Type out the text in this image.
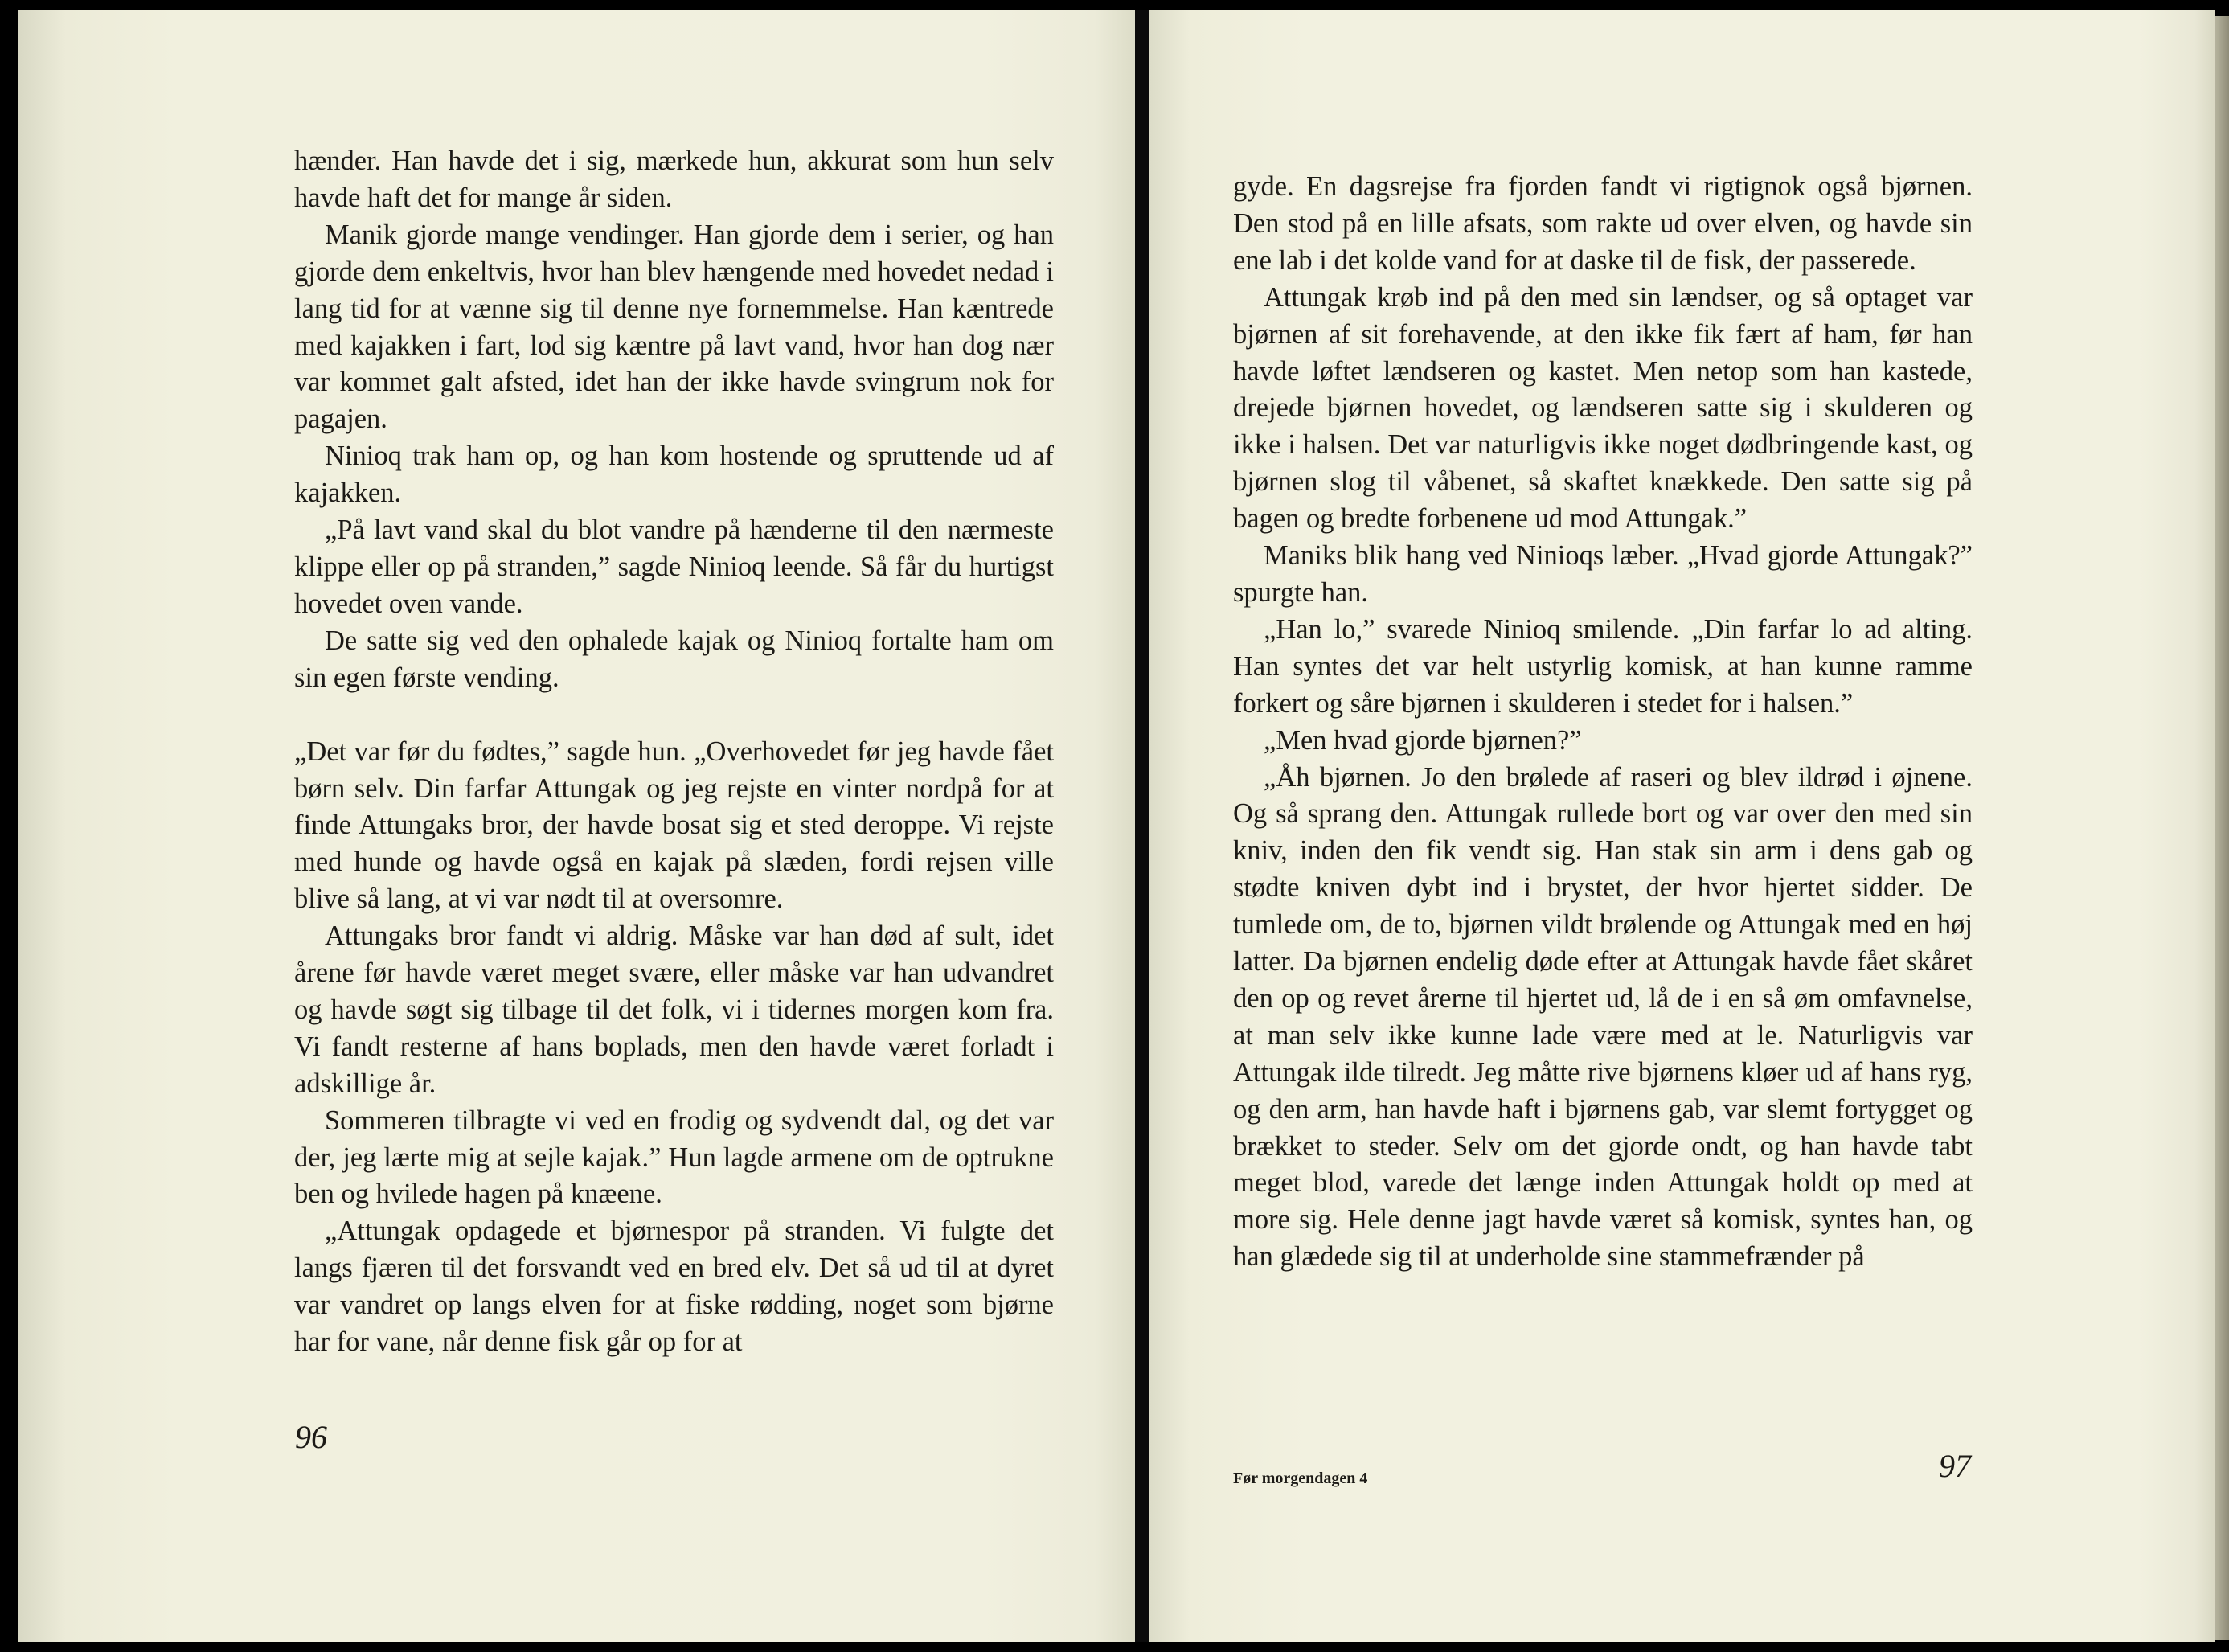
hænder. Han havde det i sig, mærkede hun, akkurat som hun selv havde haft det for mange år siden.

Manik gjorde mange vendinger. Han gjorde dem i serier, og han gjorde dem enkeltvis, hvor han blev hængende med hovedet nedad i lang tid for at vænne sig til denne nye fornemmelse. Han kæntrede med kajakken i fart, lod sig kæntre på lavt vand, hvor han dog nær var kommet galt afsted, idet han der ikke havde svingrum nok for pagajen.

Ninioq trak ham op, og han kom hostende og spruttende ud af kajakken.

„På lavt vand skal du blot vandre på hænderne til den nærmeste klippe eller op på stranden,” sagde Ninioq leende. Så får du hurtigst hovedet oven vande.

De satte sig ved den ophalede kajak og Ninioq fortalte ham om sin egen første vending.

„Det var før du fødtes,” sagde hun. „Overhovedet før jeg havde fået børn selv. Din farfar Attungak og jeg rejste en vinter nordpå for at finde Attungaks bror, der havde bosat sig et sted deroppe. Vi rejste med hunde og havde også en kajak på slæden, fordi rejsen ville blive så lang, at vi var nødt til at oversomre.

Attungaks bror fandt vi aldrig. Måske var han død af sult, idet årene før havde været meget svære, eller måske var han udvandret og havde søgt sig tilbage til det folk, vi i tidernes morgen kom fra. Vi fandt resterne af hans boplads, men den havde været forladt i adskillige år.

Sommeren tilbragte vi ved en frodig og sydvendt dal, og det var der, jeg lærte mig at sejle kajak.” Hun lagde armene om de optrukne ben og hvilede hagen på knæene.

„Attungak opdagede et bjørnespor på stranden. Vi fulgte det langs fjæren til det forsvandt ved en bred elv. Det så ud til at dyret var vandret op langs elven for at fiske rødding, noget som bjørne har for vane, når denne fisk går op for at

96

gyde. En dagsrejse fra fjorden fandt vi rigtignok også bjørnen. Den stod på en lille afsats, som rakte ud over elven, og havde sin ene lab i det kolde vand for at daske til de fisk, der passerede.

Attungak krøb ind på den med sin lændser, og så optaget var bjørnen af sit forehavende, at den ikke fik fært af ham, før han havde løftet lændseren og kastet. Men netop som han kastede, drejede bjørnen hovedet, og lændseren satte sig i skulderen og ikke i halsen. Det var naturligvis ikke noget dødbringende kast, og bjørnen slog til våbenet, så skaftet knækkede. Den satte sig på bagen og bredte forbenene ud mod Attungak.”

Maniks blik hang ved Ninioqs læber. „Hvad gjorde Attungak?” spurgte han.

„Han lo,” svarede Ninioq smilende. „Din farfar lo ad alting. Han syntes det var helt ustyrlig komisk, at han kunne ramme forkert og såre bjørnen i skulderen i stedet for i halsen.”

„Men hvad gjorde bjørnen?”

„Åh bjørnen. Jo den brølede af raseri og blev ildrød i øjnene. Og så sprang den. Attungak rullede bort og var over den med sin kniv, inden den fik vendt sig. Han stak sin arm i dens gab og stødte kniven dybt ind i brystet, der hvor hjertet sidder. De tumlede om, de to, bjørnen vildt brølende og Attungak med en høj latter. Da bjørnen endelig døde efter at Attungak havde fået skåret den op og revet årerne til hjertet ud, lå de i en så øm omfavnelse, at man selv ikke kunne lade være med at le. Naturligvis var Attungak ilde tilredt. Jeg måtte rive bjørnens kløer ud af hans ryg, og den arm, han havde haft i bjørnens gab, var slemt fortygget og brækket to steder. Selv om det gjorde ondt, og han havde tabt meget blod, varede det længe inden Attungak holdt op med at more sig. Hele denne jagt havde været så komisk, syntes han, og han glædede sig til at underholde sine stammefrænder på

Før morgendagen 4	97
